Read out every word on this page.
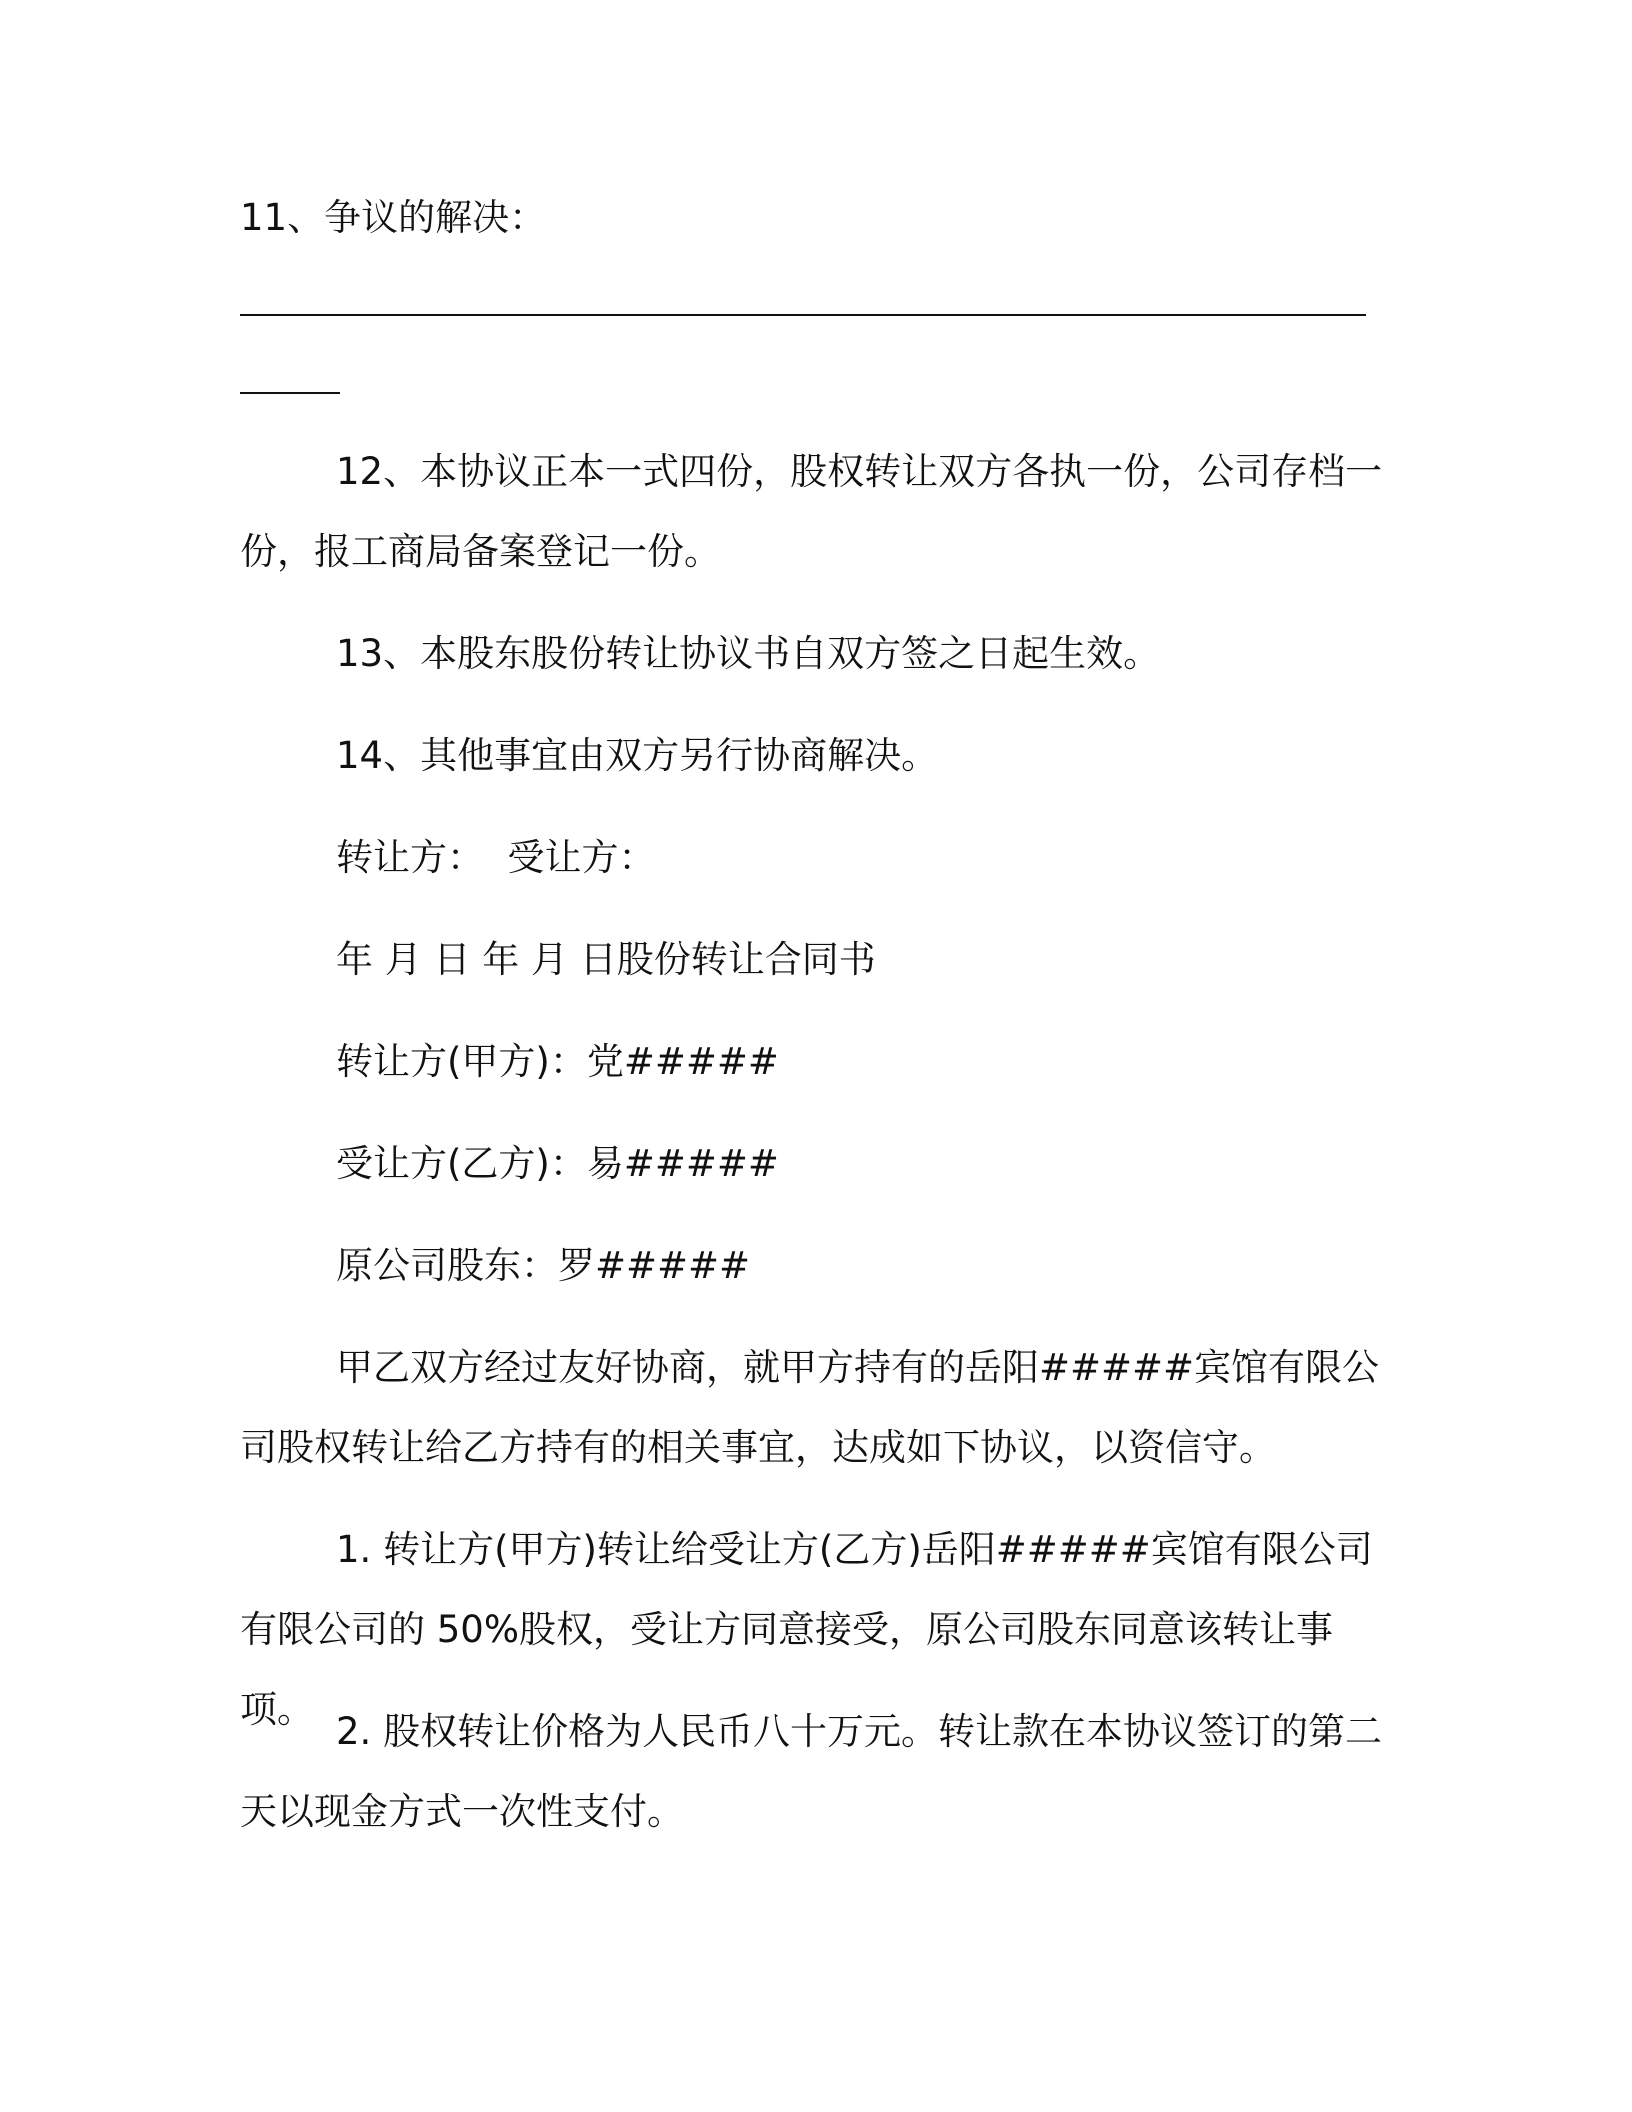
11、争议的解决：
12、本协议正本一式四份，股权转让双方各执一份，公司存档一份，报工商局备案登记一份。
13、本股东股份转让协议书自双方签之日起生效。
14、其他事宜由双方另行协商解决。
转让方：  受让方：
年 月 日 年 月 日股份转让合同书
转让方(甲方)：党#####
受让方(乙方)：易#####
原公司股东：罗#####
甲乙双方经过友好协商，就甲方持有的岳阳#####宾馆有限公司股权转让给乙方持有的相关事宜，达成如下协议，以资信守。
1. 转让方(甲方)转让给受让方(乙方)岳阳#####宾馆有限公司有限公司的 50%股权，受让方同意接受，原公司股东同意该转让事项。
2. 股权转让价格为人民币八十万元。转让款在本协议签订的第二天以现金方式一次性支付。
